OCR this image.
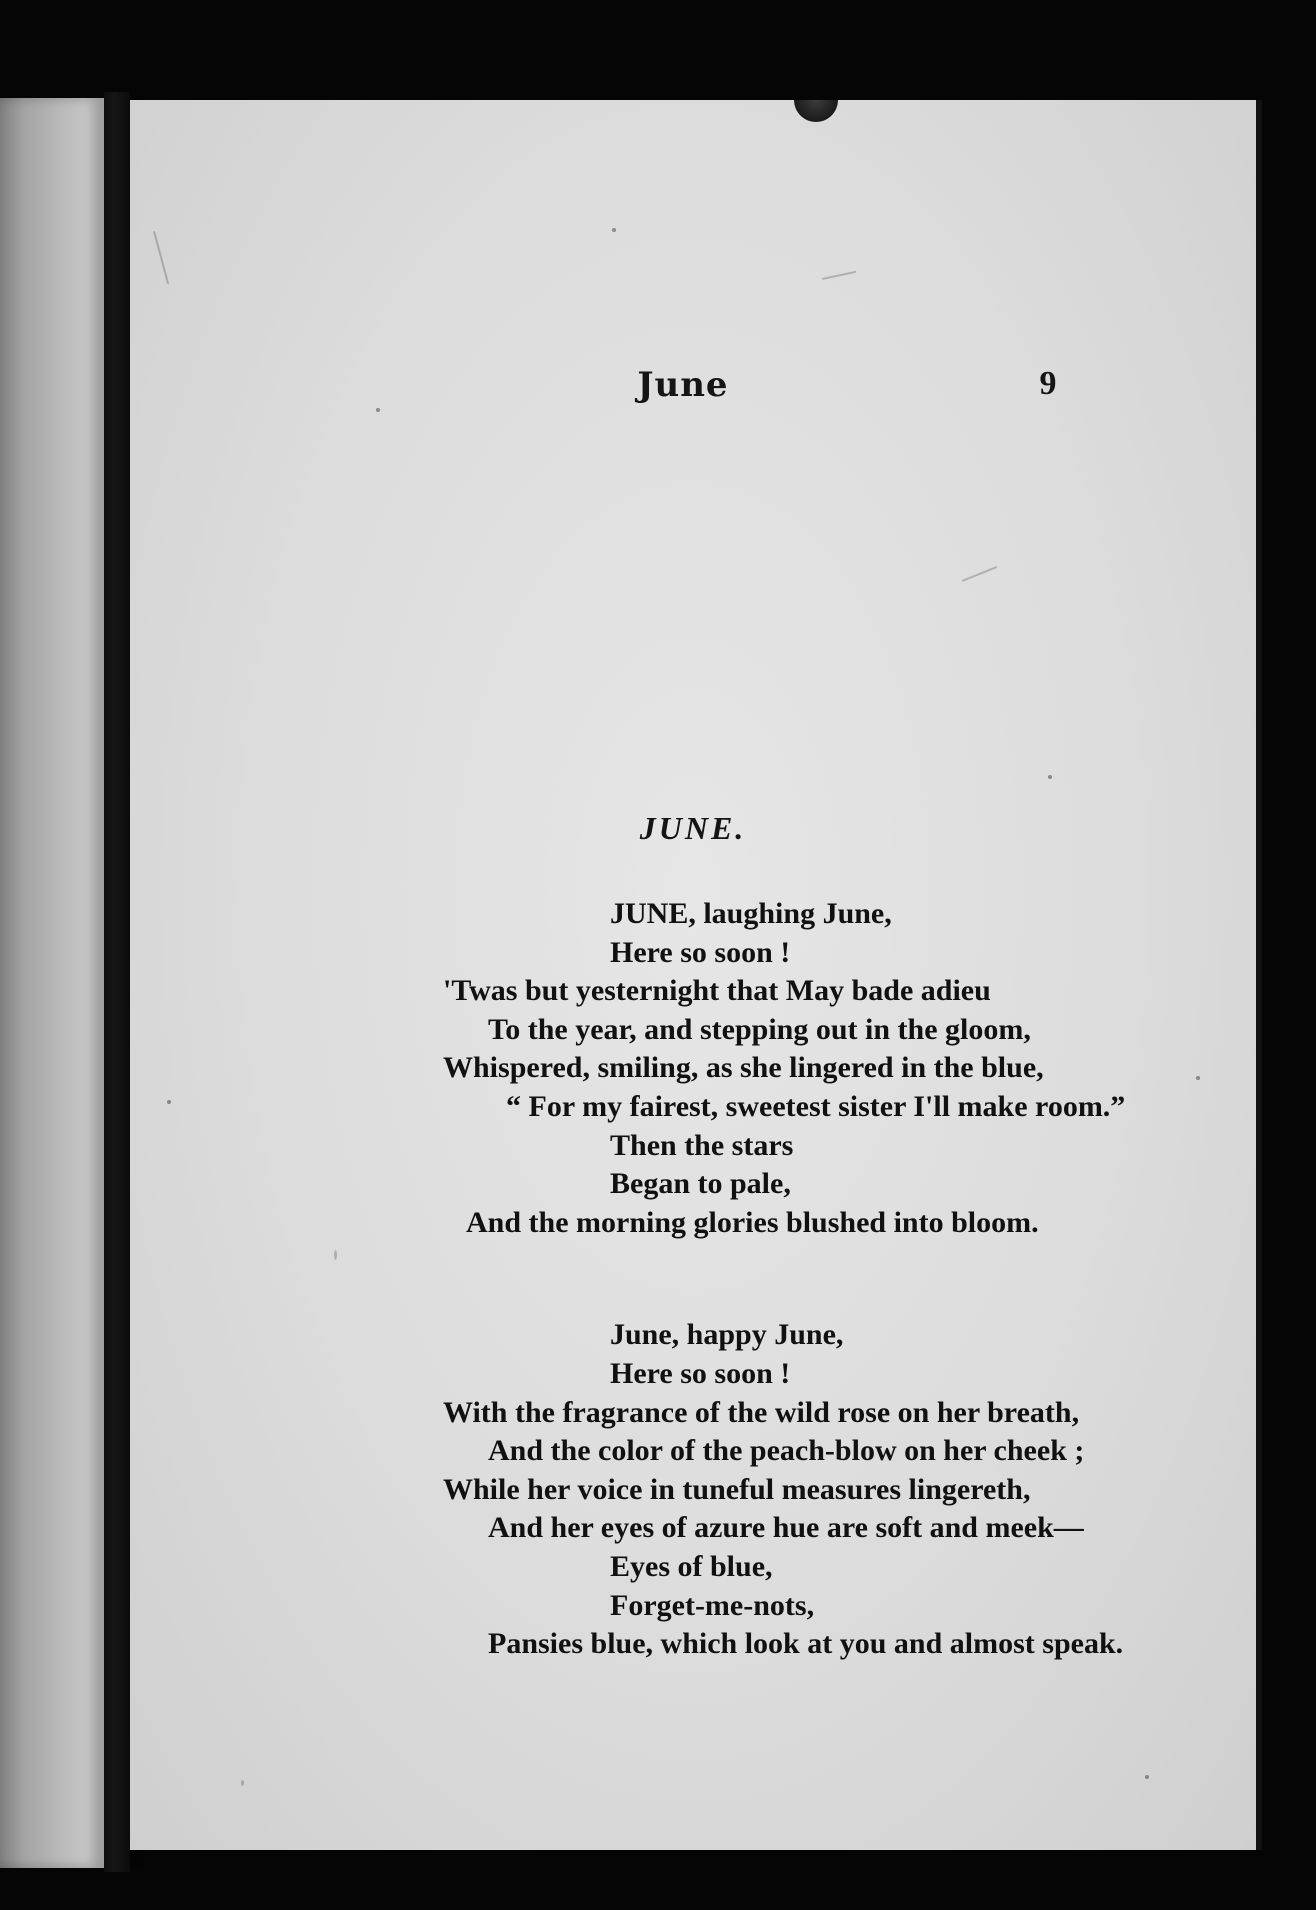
June	9
JUNE.
JUNE, laughing June,
Here so soon !
'Twas but yesternight that May bade adieu
To the year, and stepping out in the gloom,
Whispered, smiling, as she lingered in the blue,
“ For my fairest, sweetest sister I'll make room.”
Then the stars
Began to pale,
And the morning glories blushed into bloom.
June, happy June,
Here so soon !
With the fragrance of the wild rose on her breath,
And the color of the peach-blow on her cheek ;
While her voice in tuneful measures lingereth,
And her eyes of azure hue are soft and meek—
Eyes of blue,
Forget-me-nots,
Pansies blue, which look at you and almost speak.
